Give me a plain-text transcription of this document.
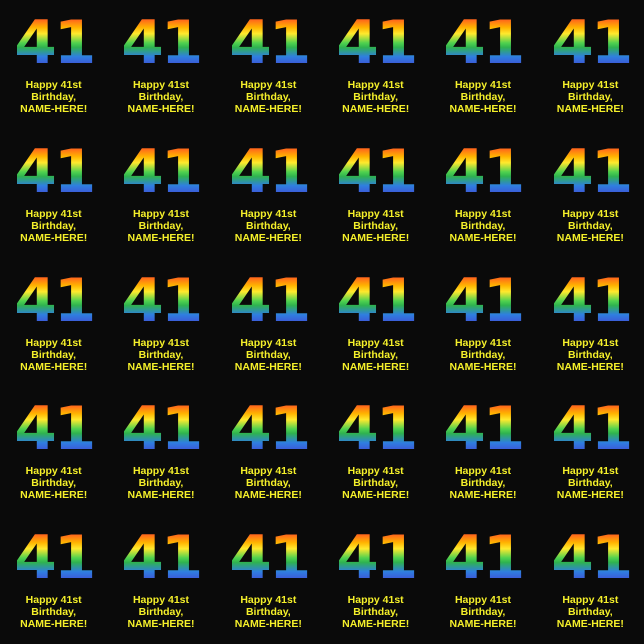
41
Happy 41st
Birthday,
NAME-HERE!
41
Happy 41st
Birthday,
NAME-HERE!
41
Happy 41st
Birthday,
NAME-HERE!
41
Happy 41st
Birthday,
NAME-HERE!
41
Happy 41st
Birthday,
NAME-HERE!
41
Happy 41st
Birthday,
NAME-HERE!
41
Happy 41st
Birthday,
NAME-HERE!
41
Happy 41st
Birthday,
NAME-HERE!
41
Happy 41st
Birthday,
NAME-HERE!
41
Happy 41st
Birthday,
NAME-HERE!
41
Happy 41st
Birthday,
NAME-HERE!
41
Happy 41st
Birthday,
NAME-HERE!
41
Happy 41st
Birthday,
NAME-HERE!
41
Happy 41st
Birthday,
NAME-HERE!
41
Happy 41st
Birthday,
NAME-HERE!
41
Happy 41st
Birthday,
NAME-HERE!
41
Happy 41st
Birthday,
NAME-HERE!
41
Happy 41st
Birthday,
NAME-HERE!
41
Happy 41st
Birthday,
NAME-HERE!
41
Happy 41st
Birthday,
NAME-HERE!
41
Happy 41st
Birthday,
NAME-HERE!
41
Happy 41st
Birthday,
NAME-HERE!
41
Happy 41st
Birthday,
NAME-HERE!
41
Happy 41st
Birthday,
NAME-HERE!
41
Happy 41st
Birthday,
NAME-HERE!
41
Happy 41st
Birthday,
NAME-HERE!
41
Happy 41st
Birthday,
NAME-HERE!
41
Happy 41st
Birthday,
NAME-HERE!
41
Happy 41st
Birthday,
NAME-HERE!
41
Happy 41st
Birthday,
NAME-HERE!
